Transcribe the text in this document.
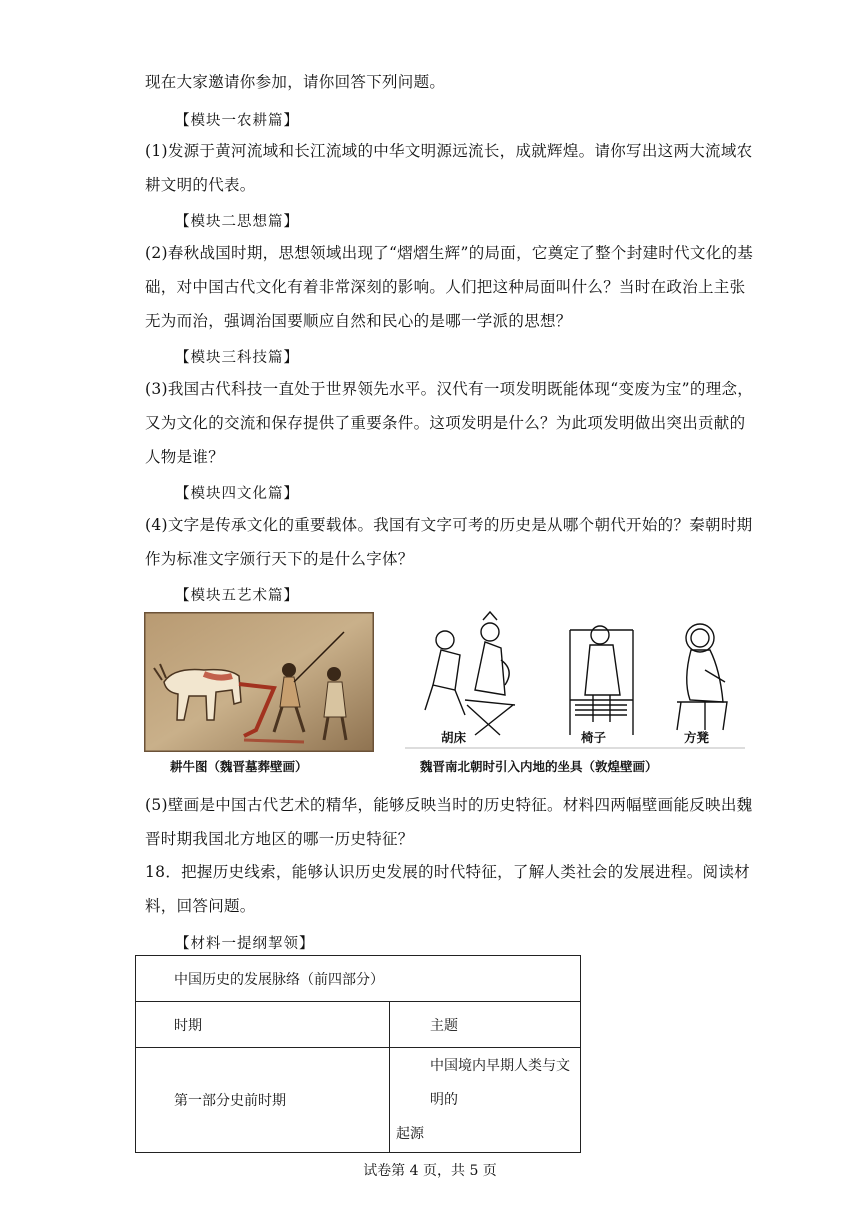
现在大家邀请你参加，请你回答下列问题。
【模块一农耕篇】
(1)发源于黄河流域和长江流域的中华文明源远流长，成就辉煌。请你写出这两大流域农
耕文明的代表。
【模块二思想篇】
(2)春秋战国时期，思想领域出现了“熠熠生辉”的局面，它奠定了整个封建时代文化的基
础，对中国古代文化有着非常深刻的影响。人们把这种局面叫什么？当时在政治上主张
无为而治，强调治国要顺应自然和民心的是哪一学派的思想？
【模块三科技篇】
(3)我国古代科技一直处于世界领先水平。汉代有一项发明既能体现“变废为宝”的理念，
又为文化的交流和保存提供了重要条件。这项发明是什么？为此项发明做出突出贡献的
人物是谁？
【模块四文化篇】
(4)文字是传承文化的重要载体。我国有文字可考的历史是从哪个朝代开始的？秦朝时期
作为标准文字颁行天下的是什么字体？
【模块五艺术篇】
耕牛图（魏晋墓葬壁画）
胡床	椅子	方凳
魏晋南北朝时引入内地的坐具（敦煌壁画）
(5)壁画是中国古代艺术的精华，能够反映当时的历史特征。材料四两幅壁画能反映出魏
晋时期我国北方地区的哪一历史特征？
18．把握历史线索，能够认识历史发展的时代特征，了解人类社会的发展进程。阅读材
料，回答问题。
【材料一提纲挈领】
中国历史的发展脉络（前四部分）	
时期	主题
第一部分史前时期	中国境内早期人类与文明的
起源
试卷第 4 页，共 5 页
